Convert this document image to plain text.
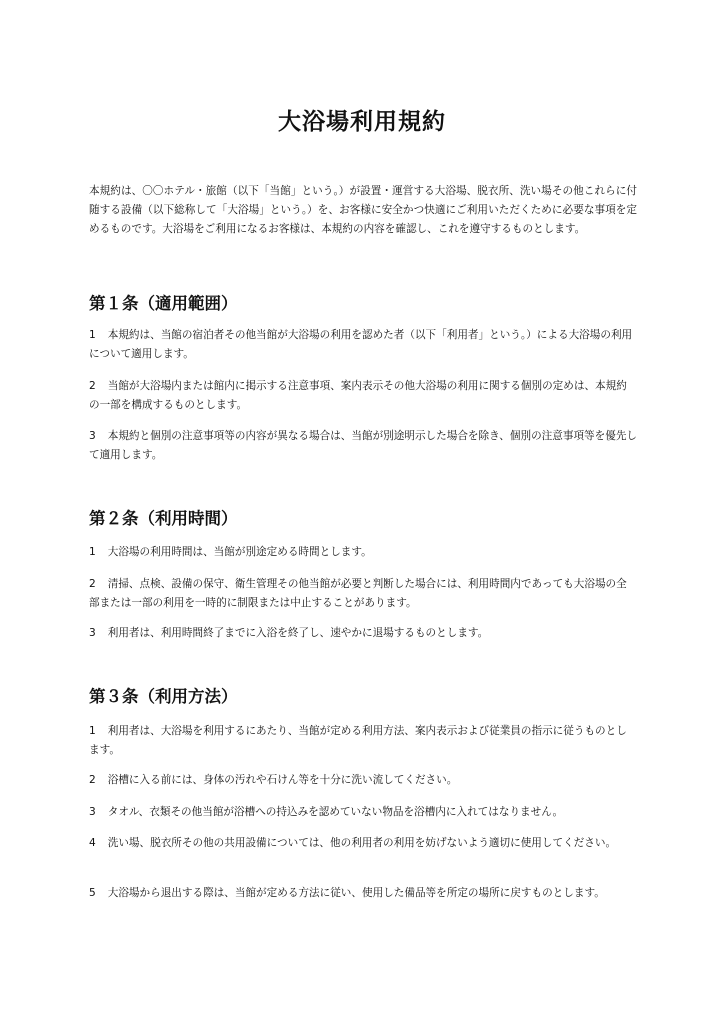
大浴場利用規約

本規約は、〇〇ホテル・旅館（以下「当館」という。）が設置・運営する大浴場、脱衣所、洗い場その他これらに付随する設備（以下総称して「大浴場」という。）を、お客様に安全かつ快適にご利用いただくために必要な事項を定めるものです。大浴場をご利用になるお客様は、本規約の内容を確認し、これを遵守するものとします。

第１条（適用範囲）

1 本規約は、当館の宿泊者その他当館が大浴場の利用を認めた者（以下「利用者」という。）による大浴場の利用について適用します。

2 当館が大浴場内または館内に掲示する注意事項、案内表示その他大浴場の利用に関する個別の定めは、本規約の一部を構成するものとします。

3 本規約と個別の注意事項等の内容が異なる場合は、当館が別途明示した場合を除き、個別の注意事項等を優先して適用します。

第２条（利用時間）

1 大浴場の利用時間は、当館が別途定める時間とします。

2 清掃、点検、設備の保守、衛生管理その他当館が必要と判断した場合には、利用時間内であっても大浴場の全部または一部の利用を一時的に制限または中止することがあります。

3 利用者は、利用時間終了までに入浴を終了し、速やかに退場するものとします。

第３条（利用方法）

1 利用者は、大浴場を利用するにあたり、当館が定める利用方法、案内表示および従業員の指示に従うものとします。

2 浴槽に入る前には、身体の汚れや石けん等を十分に洗い流してください。

3 タオル、衣類その他当館が浴槽への持込みを認めていない物品を浴槽内に入れてはなりません。

4 洗い場、脱衣所その他の共用設備については、他の利用者の利用を妨げないよう適切に使用してください。

5 大浴場から退出する際は、当館が定める方法に従い、使用した備品等を所定の場所に戻すものとします。
